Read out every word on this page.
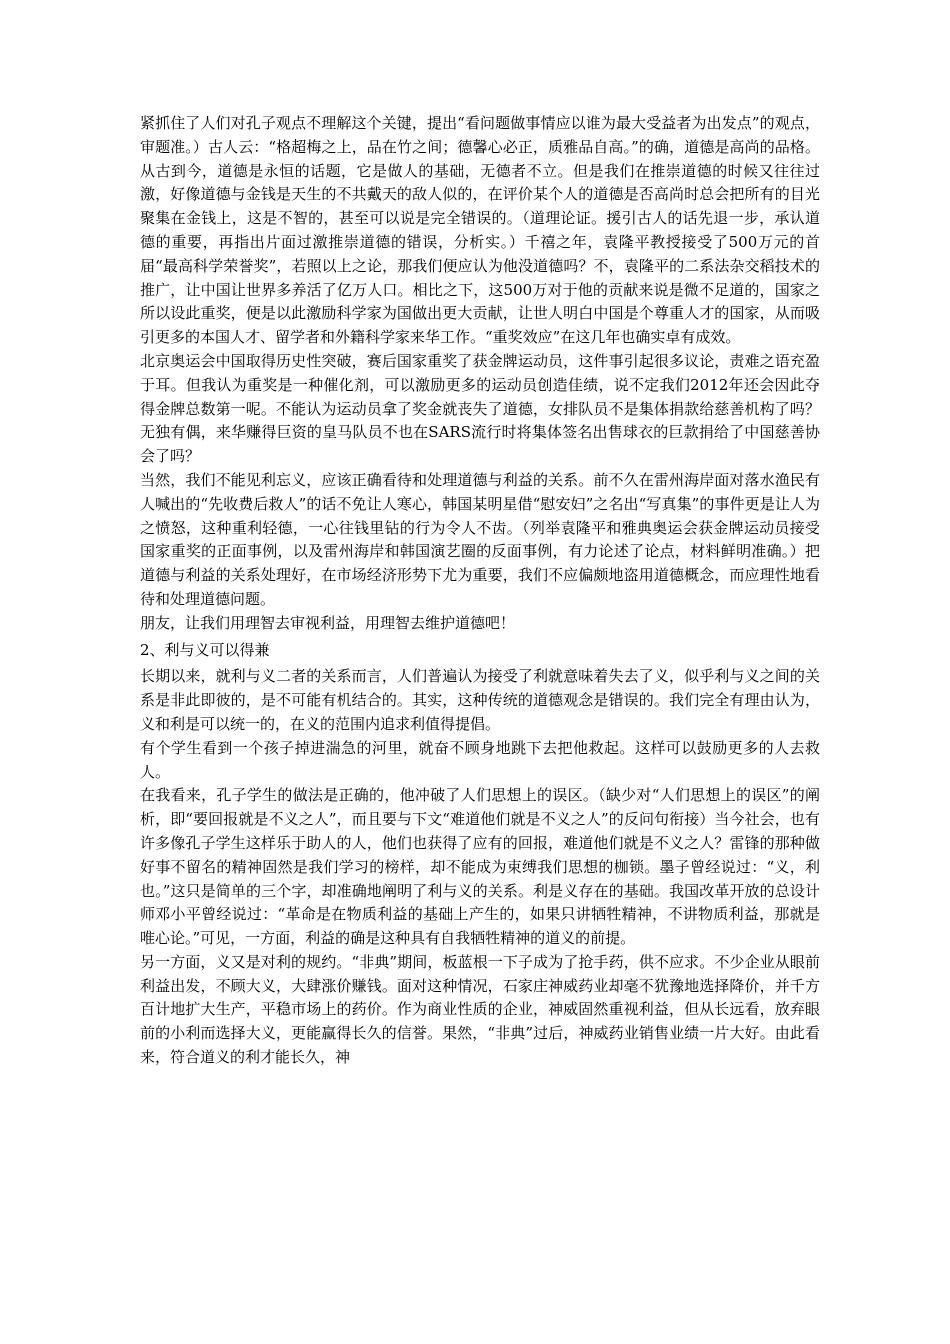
紧抓住了人们对孔子观点不理解这个关键，提出“看问题做事情应以谁为最大受益者为出发点”的观点，审题准。）古人云：“格超梅之上，品在竹之间；德馨心必正，质雅品自高。”的确，道德是高尚的品格。从古到今，道德是永恒的话题，它是做人的基础，无德者不立。但是我们在推崇道德的时候又往往过激，好像道德与金钱是天生的不共戴天的敌人似的，在评价某个人的道德是否高尚时总会把所有的目光聚集在金钱上，这是不智的，甚至可以说是完全错误的。（道理论证。援引古人的话先退一步，承认道德的重要，再指出片面过激推崇道德的错误，分析实。）千禧之年，袁隆平教授接受了500万元的首届“最高科学荣誉奖”，若照以上之论，那我们便应认为他没道德吗？不，袁隆平的二系法杂交稻技术的推广，让中国让世界多养活了亿万人口。相比之下，这500万对于他的贡献来说是微不足道的，国家之所以设此重奖，便是以此激励科学家为国做出更大贡献，让世人明白中国是个尊重人才的国家，从而吸引更多的本国人才、留学者和外籍科学家来华工作。“重奖效应”在这几年也确实卓有成效。

北京奥运会中国取得历史性突破，赛后国家重奖了获金牌运动员，这件事引起很多议论，责难之语充盈于耳。但我认为重奖是一种催化剂，可以激励更多的运动员创造佳绩，说不定我们2012年还会因此夺得金牌总数第一呢。不能认为运动员拿了奖金就丧失了道德，女排队员不是集体捐款给慈善机构了吗？无独有偶，来华赚得巨资的皇马队员不也在SARS流行时将集体签名出售球衣的巨款捐给了中国慈善协会了吗？

当然，我们不能见利忘义，应该正确看待和处理道德与利益的关系。前不久在雷州海岸面对落水渔民有人喊出的“先收费后救人”的话不免让人寒心，韩国某明星借“慰安妇”之名出“写真集”的事件更是让人为之愤怒，这种重利轻德，一心往钱里钻的行为令人不齿。（列举袁隆平和雅典奥运会获金牌运动员接受国家重奖的正面事例，以及雷州海岸和韩国演艺圈的反面事例，有力论述了论点，材料鲜明准确。）把道德与利益的关系处理好，在市场经济形势下尤为重要，我们不应偏颇地盗用道德概念，而应理性地看待和处理道德问题。

朋友，让我们用理智去审视利益，用理智去维护道德吧！

2、利与义可以得兼

长期以来，就利与义二者的关系而言，人们普遍认为接受了利就意味着失去了义，似乎利与义之间的关系是非此即彼的，是不可能有机结合的。其实，这种传统的道德观念是错误的。我们完全有理由认为，义和利是可以统一的，在义的范围内追求利值得提倡。

有个学生看到一个孩子掉进湍急的河里，就奋不顾身地跳下去把他救起。这样可以鼓励更多的人去救人。

在我看来，孔子学生的做法是正确的，他冲破了人们思想上的误区。（缺少对“人们思想上的误区”的阐析，即“要回报就是不义之人”，而且要与下文“难道他们就是不义之人”的反问句衔接）当今社会，也有许多像孔子学生这样乐于助人的人，他们也获得了应有的回报，难道他们就是不义之人？雷锋的那种做好事不留名的精神固然是我们学习的榜样，却不能成为束缚我们思想的枷锁。墨子曾经说过：“义，利也。”这只是简单的三个字，却准确地阐明了利与义的关系。利是义存在的基础。我国改革开放的总设计师邓小平曾经说过：“革命是在物质利益的基础上产生的，如果只讲牺牲精神，不讲物质利益，那就是唯心论。”可见，一方面，利益的确是这种具有自我牺牲精神的道义的前提。

另一方面，义又是对利的规约。“非典”期间，板蓝根一下子成为了抢手药，供不应求。不少企业从眼前利益出发，不顾大义，大肆涨价赚钱。面对这种情况，石家庄神威药业却毫不犹豫地选择降价，并千方百计地扩大生产，平稳市场上的药价。作为商业性质的企业，神威固然重视利益，但从长远看，放弃眼前的小利而选择大义，更能赢得长久的信誉。果然，“非典”过后，神威药业销售业绩一片大好。由此看来，符合道义的利才能长久，神
